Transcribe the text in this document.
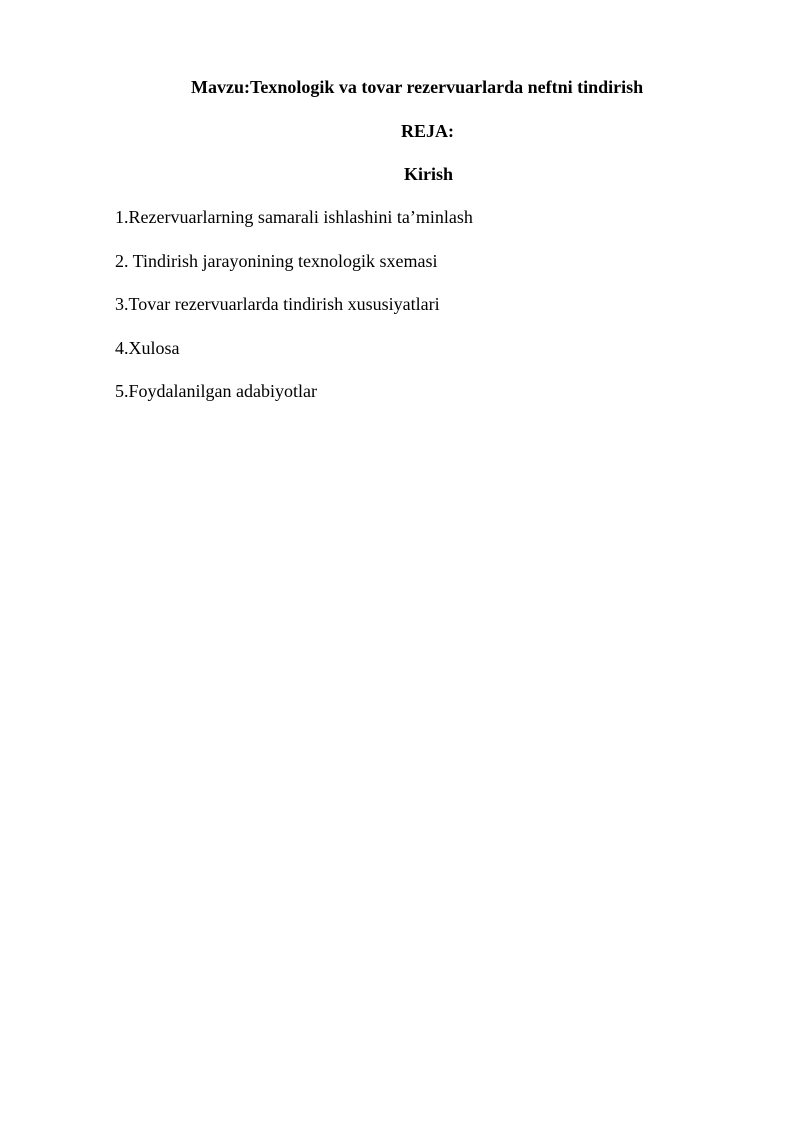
Mavzu:Texnologik va tovar rezervuarlarda neftni tindirish
REJA:
Kirish
1.Rezervuarlarning samarali ishlashini ta’minlash
2. Tindirish jarayonining texnologik sxemasi
3.Tovar rezervuarlarda tindirish xususiyatlari
4.Xulosa
5.Foydalanilgan adabiyotlar
